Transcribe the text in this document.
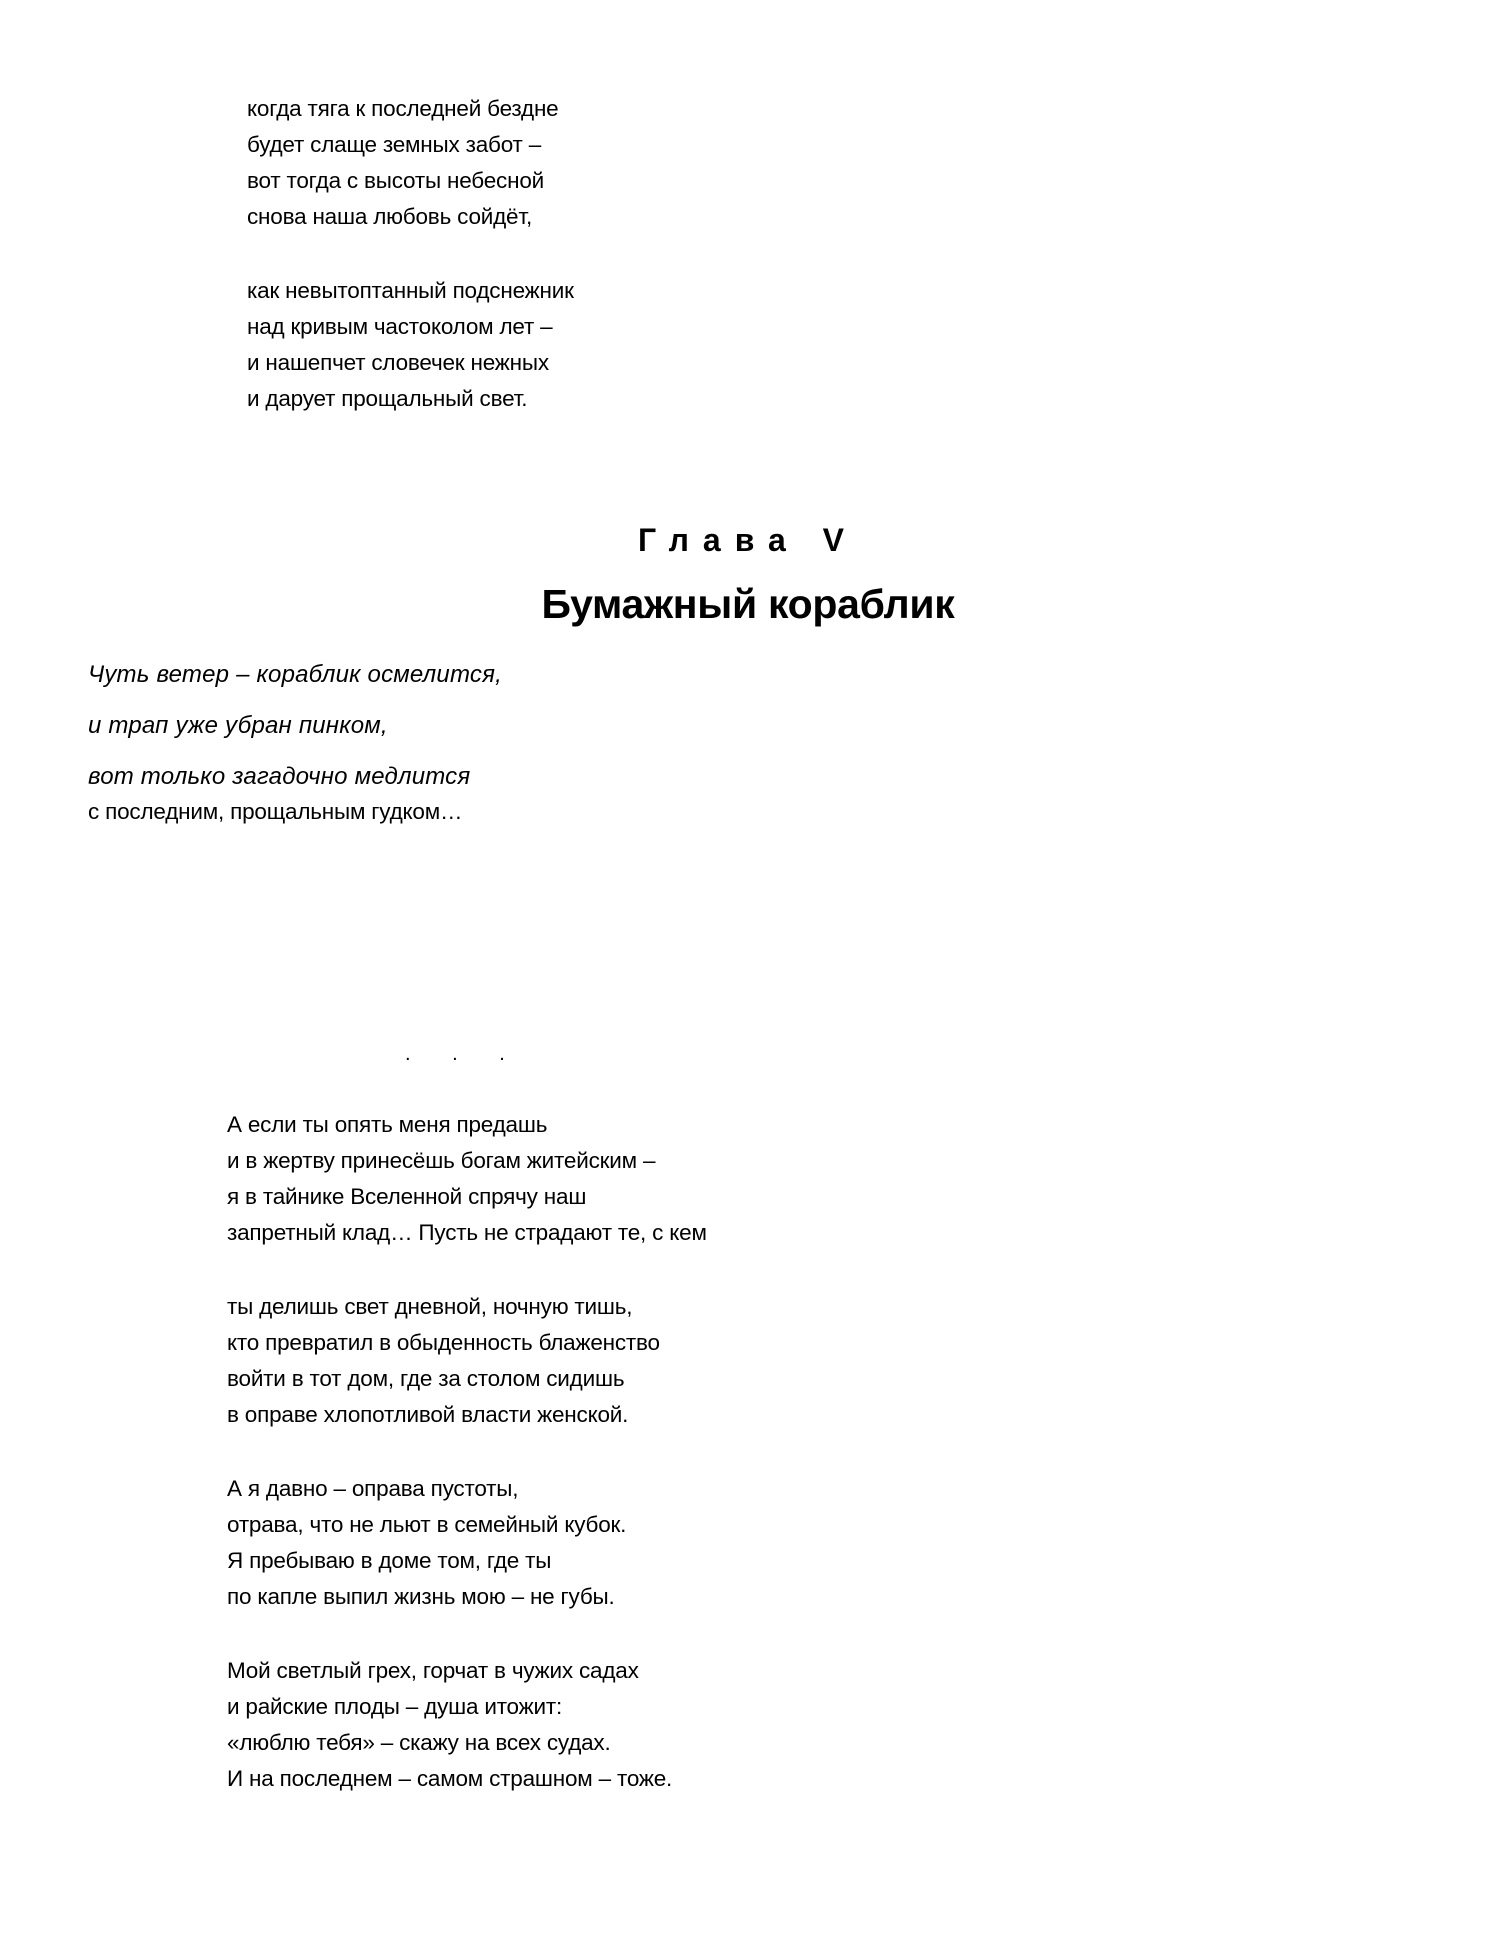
когда тяга к последней бездне
будет слаще земных забот –
вот тогда с высоты небесной
снова наша любовь сойдёт,
как невытоптанный подснежник
над кривым частоколом лет –
и нашепчет словечек нежных
и дарует прощальный свет.
Глава V
Бумажный кораблик
Чуть ветер – кораблик осмелится,
и трап уже убран пинком,
вот только загадочно медлится
с последним, прощальным гудком…
. . .
А если ты опять меня предашь
и в жертву принесёшь богам житейским –
я в тайнике Вселенной спрячу наш
запретный клад… Пусть не страдают те, с кем
ты делишь свет дневной, ночную тишь,
кто превратил в обыденность блаженство
войти в тот дом, где за столом сидишь
в оправе хлопотливой власти женской.
А я давно – оправа пустоты,
отрава, что не льют в семейный кубок.
Я пребываю в доме том, где ты
по капле выпил жизнь мою – не губы.
Мой светлый грех, горчат в чужих садах
и райские плоды – душа итожит:
«люблю тебя» – скажу на всех судах.
И на последнем – самом страшном – тоже.
